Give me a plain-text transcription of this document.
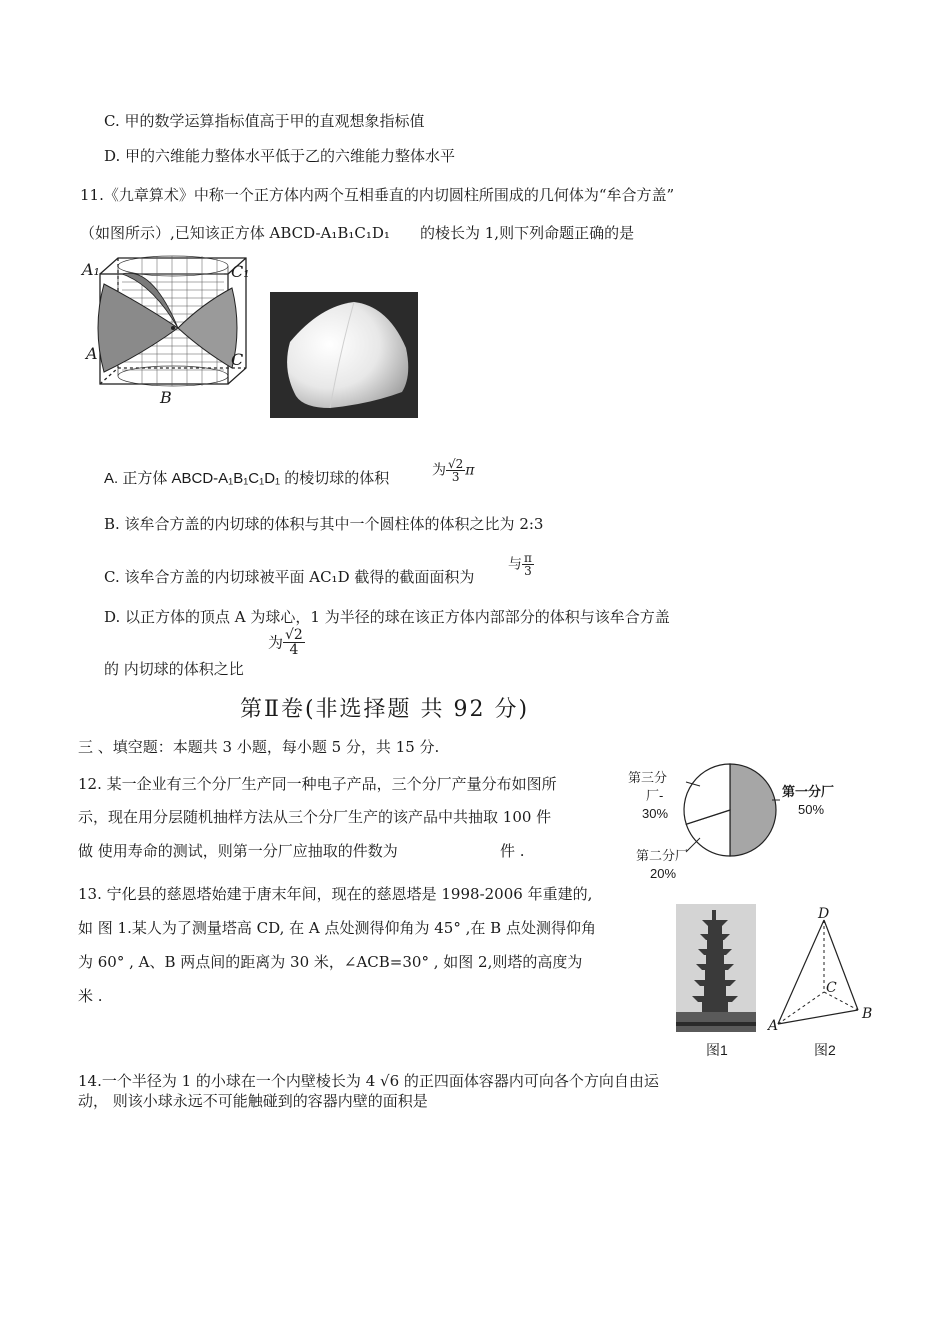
C. 甲的数学运算指标值高于甲的直观想象指标值
D. 甲的六维能力整体水平低于乙的六维能力整体水平
11.《九章算术》中称一个正方体内两个互相垂直的内切圆柱所围成的几何体为“牟合方盖”
（如图所示）,已知该正方体 ABCD-A₁B₁C₁D₁ 的棱长为 1,则下列命题正确的是
A₁	C₁
A	C
B
A. 正方体 ABCD-A₁B₁C₁D₁ 的棱切球的体积	为 $\frac{√2}{3}$ π
B. 该牟合方盖的内切球的体积与其中一个圆柱体的体积之比为 2:3
C. 该牟合方盖的内切球被平面 AC₁D 截得的截面面积为
与 $\frac{\pi}{3}$
D. 以正方体的顶点 A 为球心，1 为半径的球在该正方体内部部分的体积与该牟合方盖
的 内切球的体积之比
为 $\frac{√2}{4}$
第Ⅱ卷(非选择题 共 92 分)
三 、填空题：本题共 3 小题，每小题 5 分，共 15 分.
12. 某一企业有三个分厂生产同一种电子产品，三个分厂产量分布如图所
示，现在用分层随机抽样方法从三个分厂生产的该产品中共抽取 100 件
做 使用寿命的测试，则第一分厂应抽取的件数为	件 .
第一分厂
50%
第三分
厂-
30%
第二分厂
20%
13. 宁化县的慈恩塔始建于唐末年间，现在的慈恩塔是 1998-2006 年重建的,
如 图 1.某人为了测量塔高 CD, 在 A 点处测得仰角为 45° ,在 B 点处测得仰角
为 60° , A、B 两点间的距离为 30 米，∠ACB=30° , 如图 2,则塔的高度为
米 .
图1
D
C
A
B
图2
14.一个半径为 1 的小球在一个内壁棱长为 4 √6 的正四面体容器内可向各个方向自由运
动， 则该小球永远不可能触碰到的容器内壁的面积是
